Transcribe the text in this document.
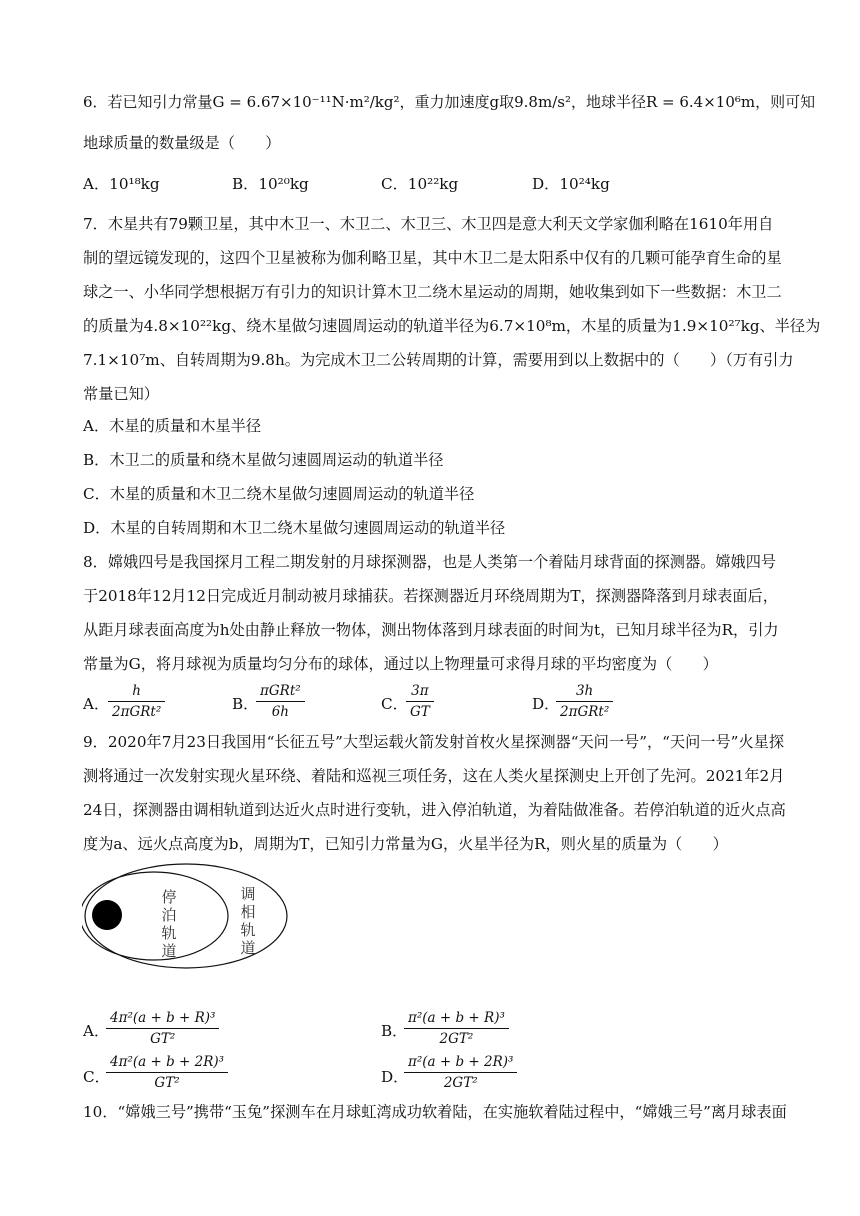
6．若已知引力常量G = 6.67×10⁻¹¹N·m²/kg²，重力加速度g取9.8m/s²，地球半径R = 6.4×10⁶m，则可知
地球质量的数量级是（　　）
A．10¹⁸kg	B．10²⁰kg	C．10²²kg	D．10²⁴kg
7．木星共有79颗卫星，其中木卫一、木卫二、木卫三、木卫四是意大利天文学家伽利略在1610年用自
制的望远镜发现的，这四个卫星被称为伽利略卫星，其中木卫二是太阳系中仅有的几颗可能孕育生命的星
球之一、小华同学想根据万有引力的知识计算木卫二绕木星运动的周期，她收集到如下一些数据：木卫二
的质量为4.8×10²²kg、绕木星做匀速圆周运动的轨道半径为6.7×10⁸m，木星的质量为1.9×10²⁷kg、半径为
7.1×10⁷m、自转周期为9.8h。为完成木卫二公转周期的计算，需要用到以上数据中的（　　）（万有引力
常量已知）
A．木星的质量和木星半径
B．木卫二的质量和绕木星做匀速圆周运动的轨道半径
C．木星的质量和木卫二绕木星做匀速圆周运动的轨道半径
D．木星的自转周期和木卫二绕木星做匀速圆周运动的轨道半径
8．嫦娥四号是我国探月工程二期发射的月球探测器，也是人类第一个着陆月球背面的探测器。嫦娥四号
于2018年12月12日完成近月制动被月球捕获。若探测器近月环绕周期为T，探测器降落到月球表面后，
从距月球表面高度为h处由静止释放一物体，测出物体落到月球表面的时间为t，已知月球半径为R，引力
常量为G，将月球视为质量均匀分布的球体，通过以上物理量可求得月球的平均密度为（　　）
A．
h
2πGRt²	B．
πGRt²
6h	C．
$\frac{3\pi}{GT}$	D．
3h
2πGRt²
9．2020年7月23日我国用“长征五号”大型运载火箭发射首枚火星探测器“天问一号”，“天问一号”火星探
测将通过一次发射实现火星环绕、着陆和巡视三项任务，这在人类火星探测史上开创了先河。2021年2月
24日，探测器由调相轨道到达近火点时进行变轨，进入停泊轨道，为着陆做准备。若停泊轨道的近火点高
度为a、远火点高度为b，周期为T，已知引力常量为G，火星半径为R，则火星的质量为（　　）
停
泊
轨
道
调
相
轨
道
A．
$\frac{\text{4π²(a + b + R)³}}{\text{GT²}}$	B．
$\frac{\text{π²(a + b + R)³}}{\text{2GT²}}$
C．
$\frac{\text{4π²(a + b + 2R)³}}{\text{GT²}}$	D．
$\frac{\text{π²(a + b + 2R)³}}{\text{2GT²}}$
10．“嫦娥三号”携带“玉兔”探测车在月球虹湾成功软着陆，在实施软着陆过程中，“嫦娥三号”离月球表面
